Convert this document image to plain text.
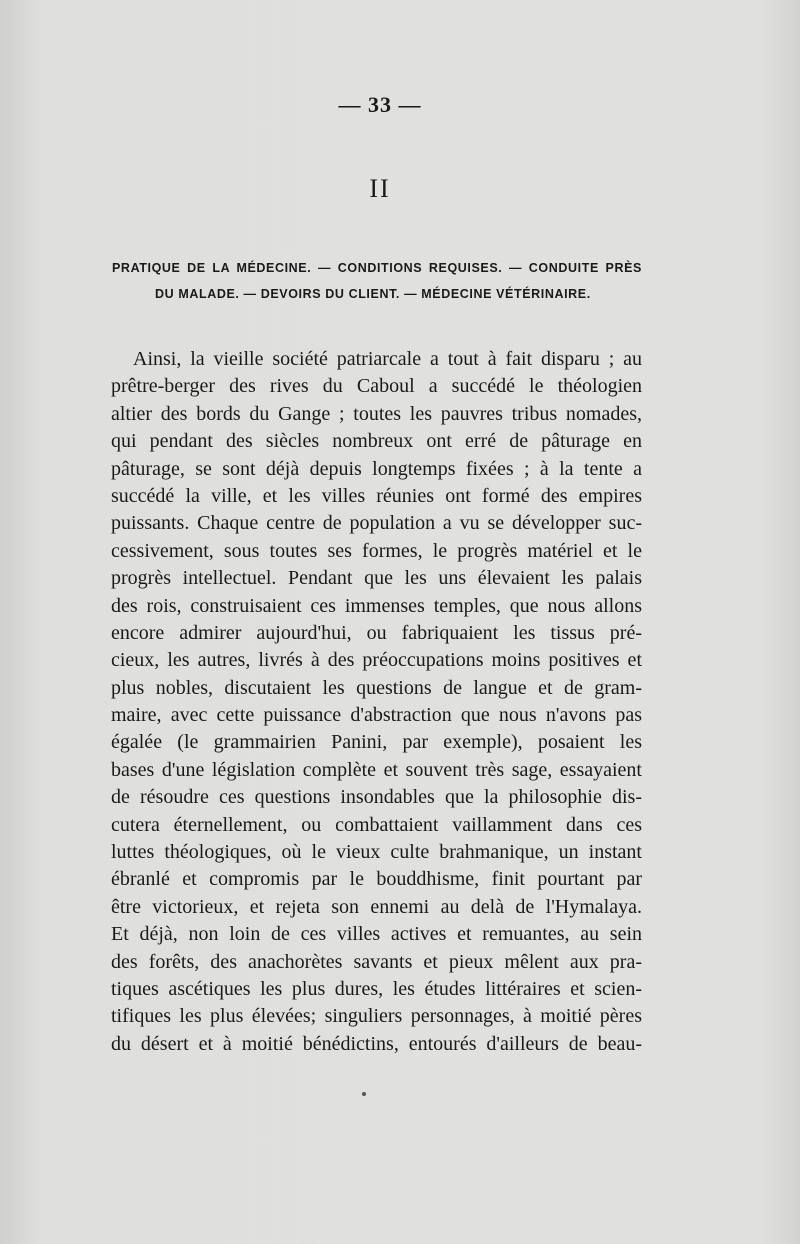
— 33 —
II
PRATIQUE DE LA MÉDECINE. — CONDITIONS REQUISES. — CONDUITE PRÈS
DU MALADE. — DEVOIRS DU CLIENT. — MÉDECINE VÉTÉRINAIRE.
Ainsi, la vieille société patriarcale a tout à fait disparu ; au
prêtre-berger des rives du Caboul a succédé le théologien
altier des bords du Gange ; toutes les pauvres tribus nomades,
qui pendant des siècles nombreux ont erré de pâturage en
pâturage, se sont déjà depuis longtemps fixées ; à la tente a
succédé la ville, et les villes réunies ont formé des empires
puissants. Chaque centre de population a vu se développer suc-
cessivement, sous toutes ses formes, le progrès matériel et le
progrès intellectuel. Pendant que les uns élevaient les palais
des rois, construisaient ces immenses temples, que nous allons
encore admirer aujourd'hui, ou fabriquaient les tissus pré-
cieux, les autres, livrés à des préoccupations moins positives et
plus nobles, discutaient les questions de langue et de gram-
maire, avec cette puissance d'abstraction que nous n'avons pas
égalée (le grammairien Panini, par exemple), posaient les
bases d'une législation complète et souvent très sage, essayaient
de résoudre ces questions insondables que la philosophie dis-
cutera éternellement, ou combattaient vaillamment dans ces
luttes théologiques, où le vieux culte brahmanique, un instant
ébranlé et compromis par le bouddhisme, finit pourtant par
être victorieux, et rejeta son ennemi au delà de l'Hymalaya.
Et déjà, non loin de ces villes actives et remuantes, au sein
des forêts, des anachorètes savants et pieux mêlent aux pra-
tiques ascétiques les plus dures, les études littéraires et scien-
tifiques les plus élevées; singuliers personnages, à moitié pères
du désert et à moitié bénédictins, entourés d'ailleurs de beau-
